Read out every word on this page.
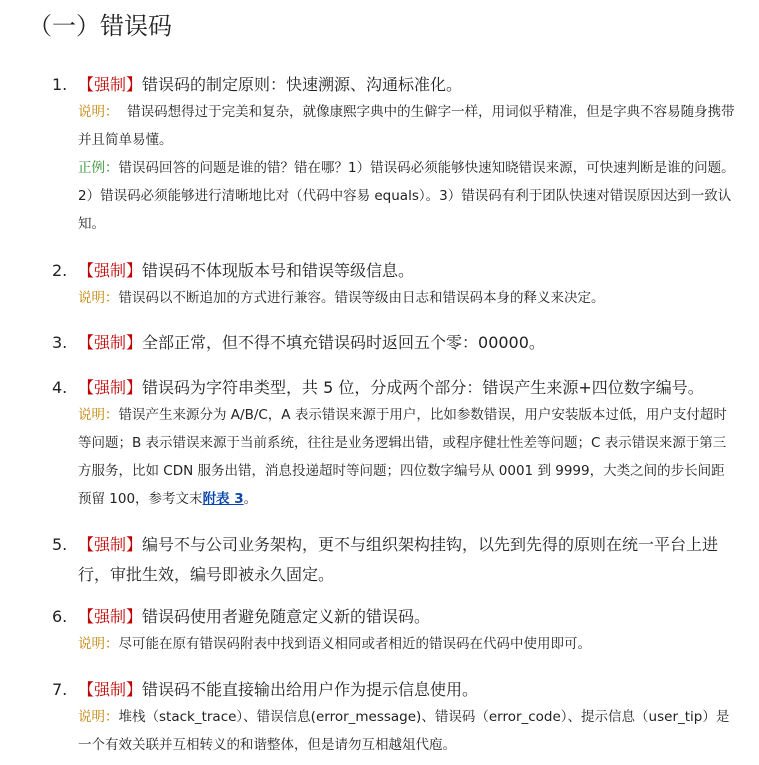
（一）错误码
1. 【强制】错误码的制定原则：快速溯源、沟通标准化。
说明： 错误码想得过于完美和复杂，就像康熙字典中的生僻字一样，用词似乎精准，但是字典不容易随身携带并且简单易懂。
正例：错误码回答的问题是谁的错？错在哪？1）错误码必须能够快速知晓错误来源，可快速判断是谁的问题。2）错误码必须能够进行清晰地比对（代码中容易 equals）。3）错误码有利于团队快速对错误原因达到一致认知。
2. 【强制】错误码不体现版本号和错误等级信息。
说明：错误码以不断追加的方式进行兼容。错误等级由日志和错误码本身的释义来决定。
3. 【强制】全部正常，但不得不填充错误码时返回五个零：00000。
4. 【强制】错误码为字符串类型，共 5 位，分成两个部分：错误产生来源+四位数字编号。
说明：错误产生来源分为 A/B/C，A 表示错误来源于用户，比如参数错误，用户安装版本过低，用户支付超时等问题；B 表示错误来源于当前系统，往往是业务逻辑出错，或程序健壮性差等问题；C 表示错误来源于第三方服务，比如 CDN 服务出错，消息投递超时等问题；四位数字编号从 0001 到 9999，大类之间的步长间距预留 100，参考文末附表 3。
5. 【强制】编号不与公司业务架构，更不与组织架构挂钩，以先到先得的原则在统一平台上进行，审批生效，编号即被永久固定。
6. 【强制】错误码使用者避免随意定义新的错误码。
说明：尽可能在原有错误码附表中找到语义相同或者相近的错误码在代码中使用即可。
7. 【强制】错误码不能直接输出给用户作为提示信息使用。
说明：堆栈（stack_trace）、错误信息(error_message)、错误码（error_code）、提示信息（user_tip）是一个有效关联并互相转义的和谐整体，但是请勿互相越俎代庖。
